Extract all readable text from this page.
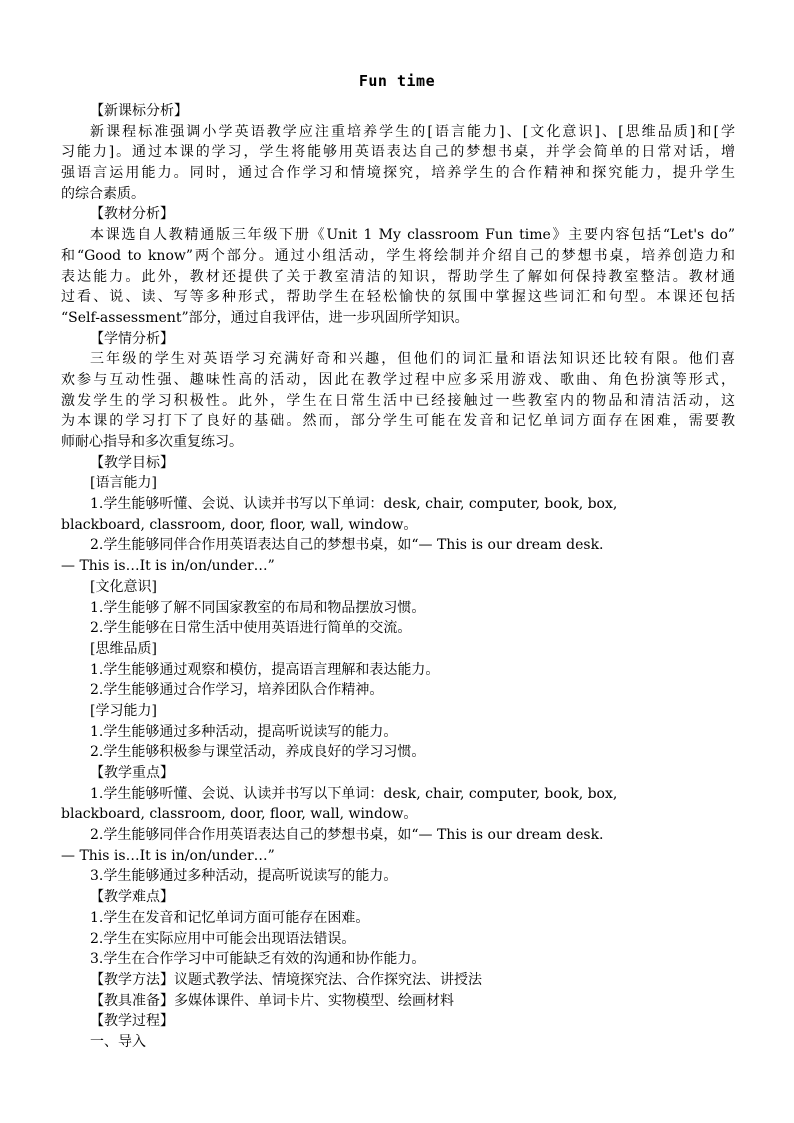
Fun time
【新课标分析】
新课程标准强调小学英语教学应注重培养学生的[语言能力]、[文化意识]、[思维品质]和[学
习能力]。通过本课的学习，学生将能够用英语表达自己的梦想书桌，并学会简单的日常对话，增
强语言运用能力。同时，通过合作学习和情境探究，培养学生的合作精神和探究能力，提升学生
的综合素质。
【教材分析】
本课选自人教精通版三年级下册《Unit 1 My classroom Fun time》主要内容包括“Let's do”
和“Good to know”两个部分。通过小组活动，学生将绘制并介绍自己的梦想书桌，培养创造力和
表达能力。此外，教材还提供了关于教室清洁的知识，帮助学生了解如何保持教室整洁。教材通
过看、说、读、写等多种形式，帮助学生在轻松愉快的氛围中掌握这些词汇和句型。本课还包括
“Self-assessment”部分，通过自我评估，进一步巩固所学知识。
【学情分析】
三年级的学生对英语学习充满好奇和兴趣，但他们的词汇量和语法知识还比较有限。他们喜
欢参与互动性强、趣味性高的活动，因此在教学过程中应多采用游戏、歌曲、角色扮演等形式，
激发学生的学习积极性。此外，学生在日常生活中已经接触过一些教室内的物品和清洁活动，这
为本课的学习打下了良好的基础。然而，部分学生可能在发音和记忆单词方面存在困难，需要教
师耐心指导和多次重复练习。
【教学目标】
[语言能力]
1.学生能够听懂、会说、认读并书写以下单词：desk, chair, computer, book, box,
blackboard, classroom, door, floor, wall, window。
2.学生能够同伴合作用英语表达自己的梦想书桌，如“— This is our dream desk.
— This is…It is in/on/under…”
[文化意识]
1.学生能够了解不同国家教室的布局和物品摆放习惯。
2.学生能够在日常生活中使用英语进行简单的交流。
[思维品质]
1.学生能够通过观察和模仿，提高语言理解和表达能力。
2.学生能够通过合作学习，培养团队合作精神。
[学习能力]
1.学生能够通过多种活动，提高听说读写的能力。
2.学生能够积极参与课堂活动，养成良好的学习习惯。
【教学重点】
1.学生能够听懂、会说、认读并书写以下单词：desk, chair, computer, book, box,
blackboard, classroom, door, floor, wall, window。
2.学生能够同伴合作用英语表达自己的梦想书桌，如“— This is our dream desk.
— This is…It is in/on/under…”
3.学生能够通过多种活动，提高听说读写的能力。
【教学难点】
1.学生在发音和记忆单词方面可能存在困难。
2.学生在实际应用中可能会出现语法错误。
3.学生在合作学习中可能缺乏有效的沟通和协作能力。
【教学方法】议题式教学法、情境探究法、合作探究法、讲授法
【教具准备】多媒体课件、单词卡片、实物模型、绘画材料
【教学过程】
一、导入
